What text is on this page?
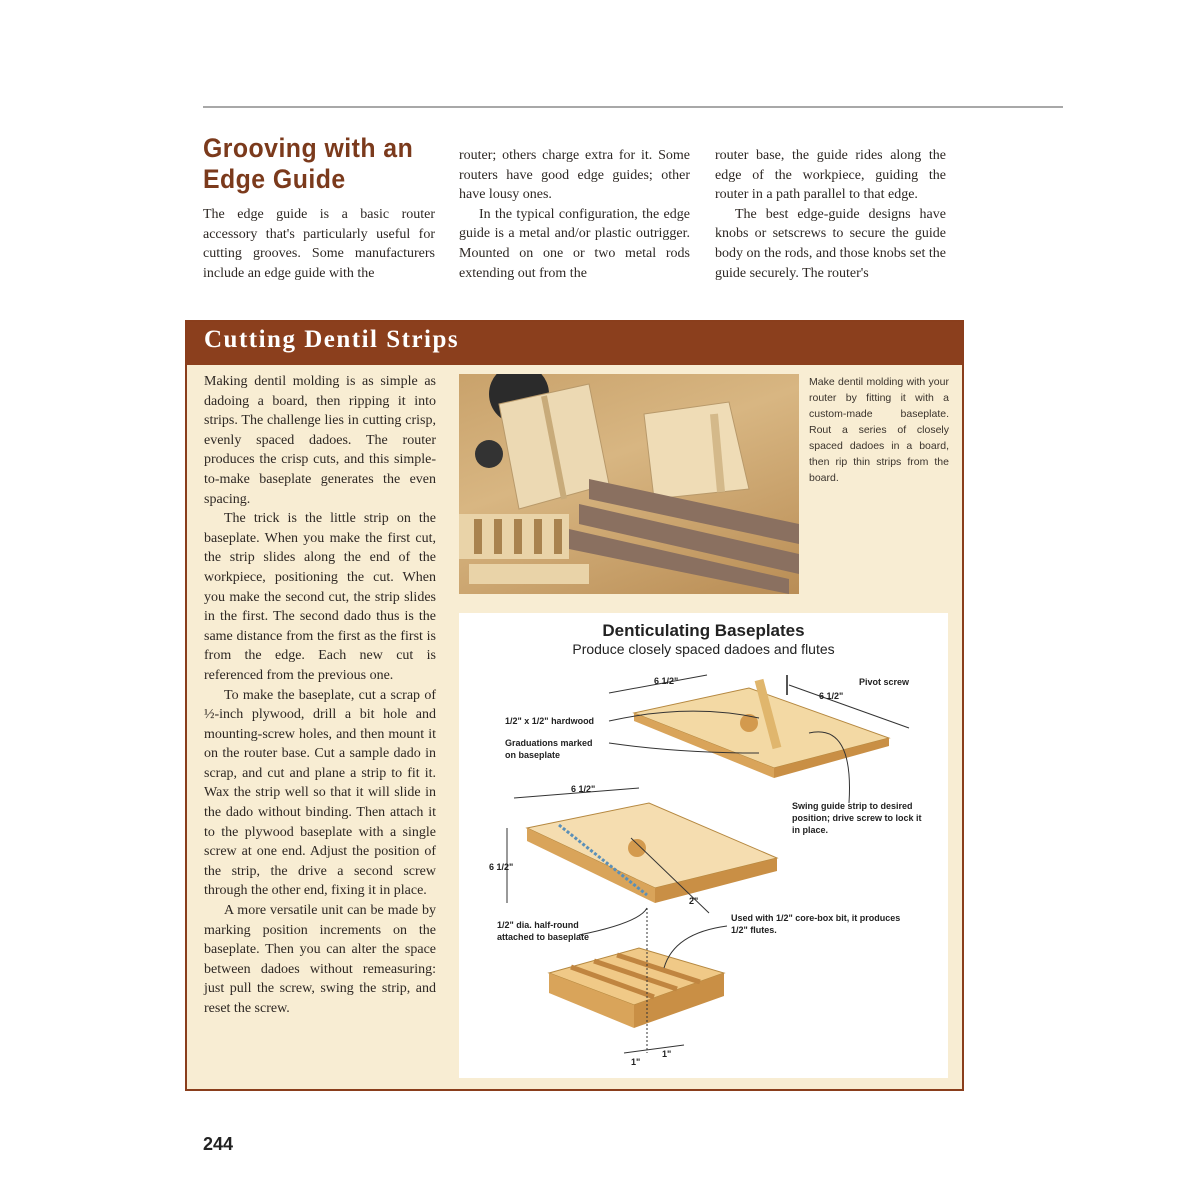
Grooving with an Edge Guide

The edge guide is a basic router accessory that's particularly useful for cutting grooves. Some manufacturers include an edge guide with the

router; others charge extra for it. Some routers have good edge guides; other have lousy ones.

In the typical configuration, the edge guide is a metal and/or plastic outrigger. Mounted on one or two metal rods extending out from the

router base, the guide rides along the edge of the workpiece, guiding the router in a path parallel to that edge.

The best edge-guide designs have knobs or setscrews to secure the guide body on the rods, and those knobs set the guide securely. The router's

Cutting Dentil Strips

Making dentil molding is as simple as dadoing a board, then ripping it into strips. The challenge lies in cutting crisp, evenly spaced dadoes. The router produces the crisp cuts, and this simple-to-make baseplate generates the even spacing.

The trick is the little strip on the baseplate. When you make the first cut, the strip slides along the end of the workpiece, positioning the cut. When you make the second cut, the strip slides in the first. The second dado thus is the same distance from the first as the first is from the edge. Each new cut is referenced from the previous one.

To make the baseplate, cut a scrap of ½-inch plywood, drill a bit hole and mounting-screw holes, and then mount it on the router base. Cut a sample dado in scrap, and cut and plane a strip to fit it. Wax the strip well so that it will slide in the dado without binding. Then attach it to the plywood baseplate with a single screw at one end. Adjust the position of the strip, the drive a second screw through the other end, fixing it in place.

A more versatile unit can be made by marking position increments on the baseplate. Then you can alter the space between dadoes without remeasuring: just pull the screw, swing the strip, and reset the screw.

Make dentil molding with your router by fitting it with a custom-made baseplate. Rout a series of closely spaced dadoes in a board, then rip thin strips from the board.
Denticulating Baseplates
Produce closely spaced dadoes and flutes
6 1/2"	Pivot screw
6 1/2"
1/2" x 1/2" hardwood
Graduations marked on baseplate
Swing guide strip to desired position; drive screw to lock it in place.
6 1/2"
6 1/2"
2"
1/2" dia. half-round attached to baseplate
Used with 1/2" core-box bit, it produces 1/2" flutes.
1"
1"
244
